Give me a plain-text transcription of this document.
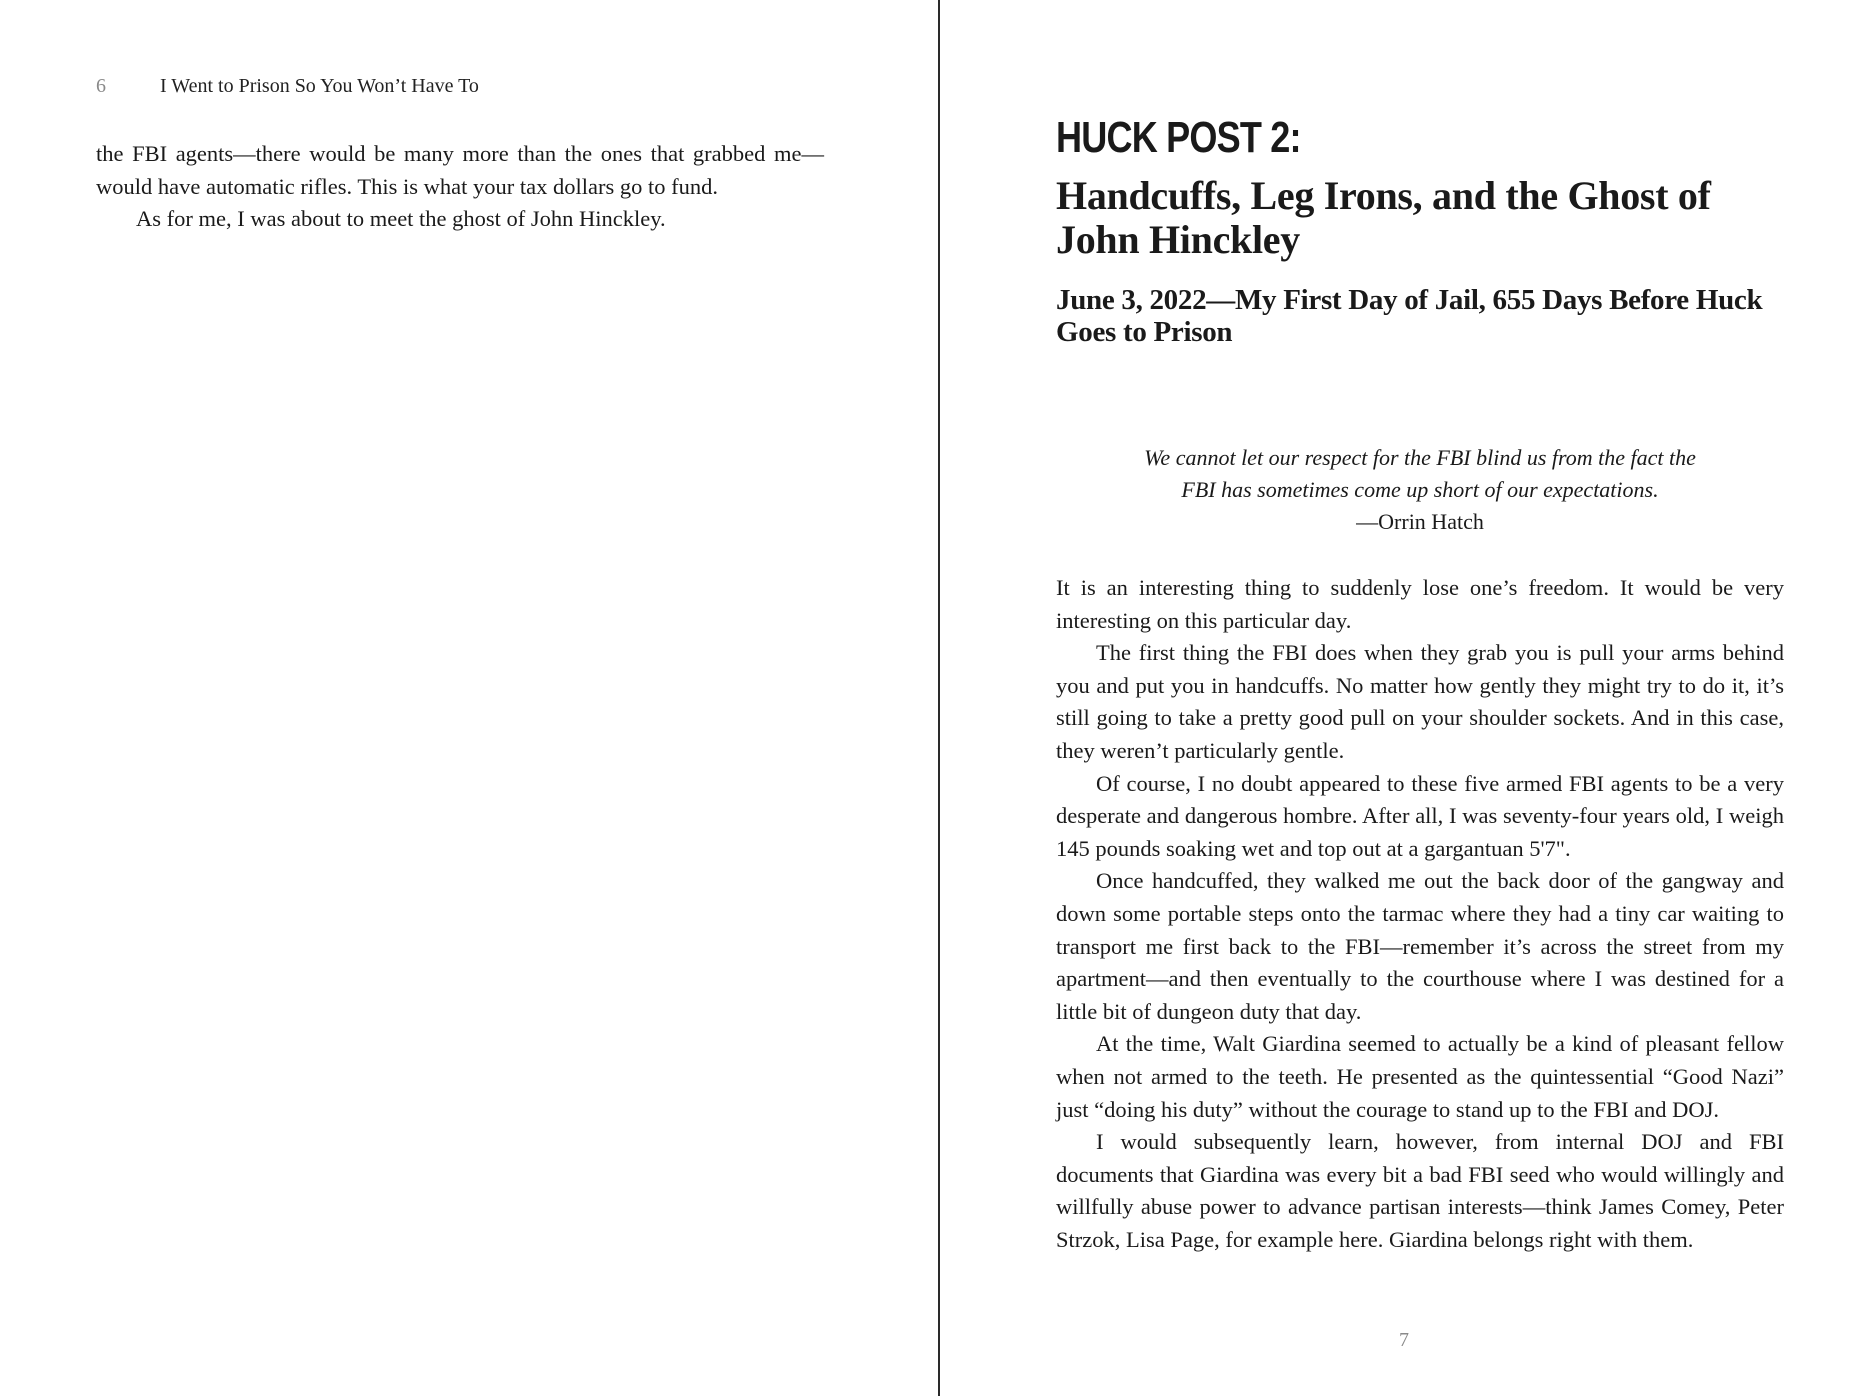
6	I Went to Prison So You Won’t Have To

the FBI agents—there would be many more than the ones that grabbed me—would have automatic rifles. This is what your tax dollars go to fund.

As for me, I was about to meet the ghost of John Hinckley.

HUCK POST 2:
Handcuffs, Leg Irons, and the Ghost of John Hinckley
June 3, 2022—My First Day of Jail, 655 Days Before Huck Goes to Prison
We cannot let our respect for the FBI blind us from the fact the
FBI has sometimes come up short of our expectations.
—Orrin Hatch

It is an interesting thing to suddenly lose one’s freedom. It would be very interesting on this particular day.

The first thing the FBI does when they grab you is pull your arms behind you and put you in handcuffs. No matter how gently they might try to do it, it’s still going to take a pretty good pull on your shoulder sockets. And in this case, they weren’t particularly gentle.

Of course, I no doubt appeared to these five armed FBI agents to be a very desperate and dangerous hombre. After all, I was seventy-four years old, I weigh 145 pounds soaking wet and top out at a gargantuan 5'7".

Once handcuffed, they walked me out the back door of the gangway and down some portable steps onto the tarmac where they had a tiny car waiting to transport me first back to the FBI—remember it’s across the street from my apartment—and then eventually to the courthouse where I was destined for a little bit of dungeon duty that day.

At the time, Walt Giardina seemed to actually be a kind of pleasant fellow when not armed to the teeth. He presented as the quintessential “Good Nazi” just “doing his duty” without the courage to stand up to the FBI and DOJ.

I would subsequently learn, however, from internal DOJ and FBI documents that Giardina was every bit a bad FBI seed who would willingly and willfully abuse power to advance partisan interests—think James Comey, Peter Strzok, Lisa Page, for example here. Giardina belongs right with them.

7
